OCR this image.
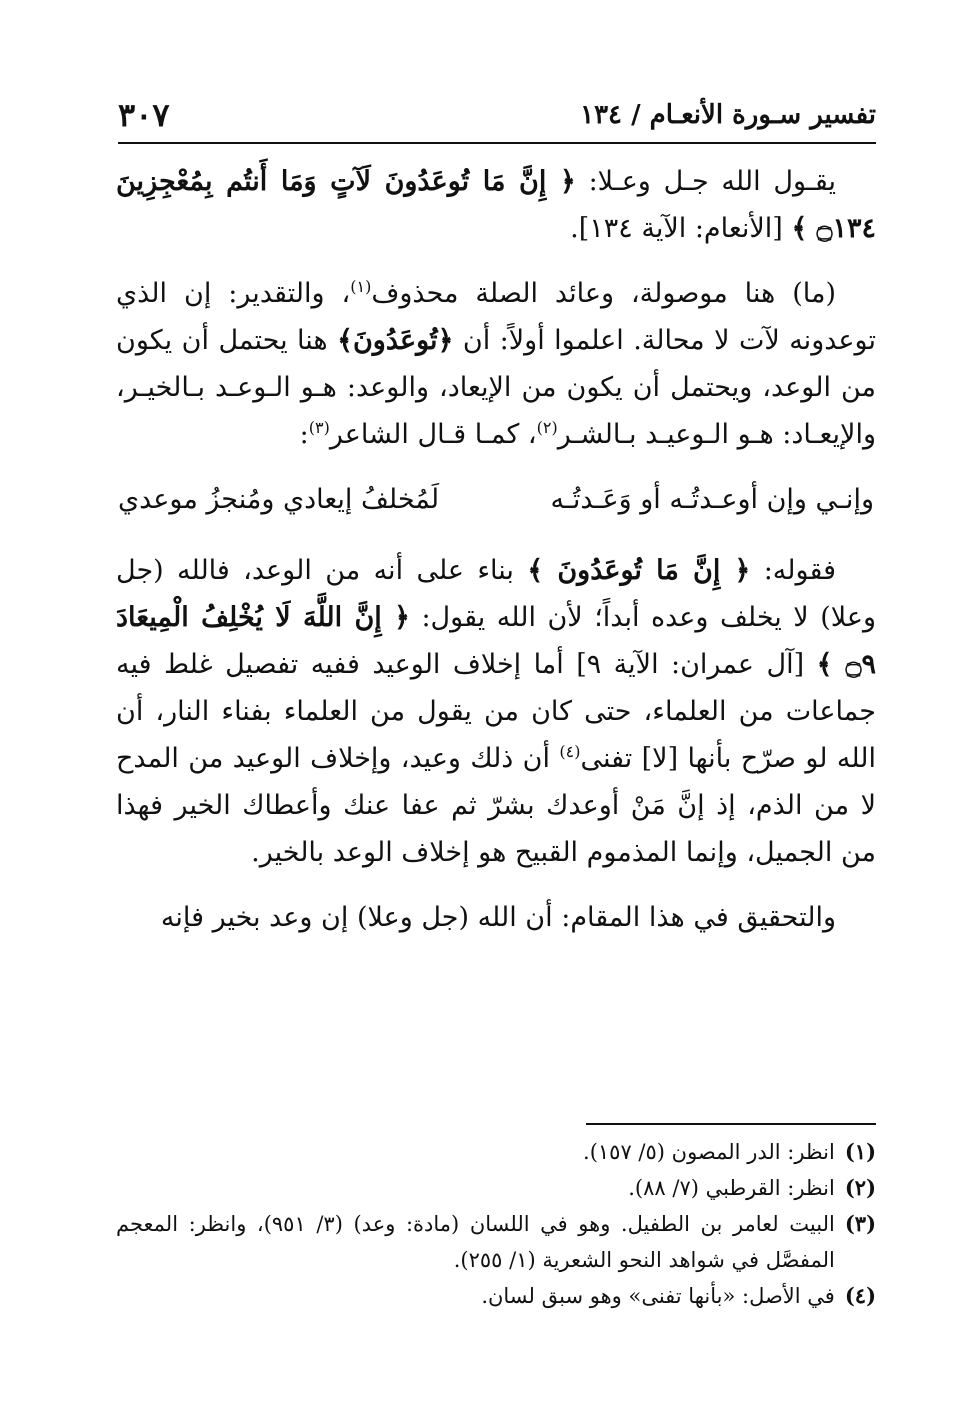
تفسير سـورة الأنعـام / ١٣٤
٣٠٧

يقـول الله جـل وعـلا: ﴿ إِنَّ مَا تُوعَدُونَ لَآتٍ وَمَا أَنتُم بِمُعْجِزِينَ ۝١٣٤ ﴾ [الأنعام: الآية ١٣٤].

(ما) هنا موصولة، وعائد الصلة محذوف$^{(١)}$، والتقدير: إن الذي توعدونه لآت لا محالة. اعلموا أولاً: أن ﴿تُوعَدُونَ﴾ هنا يحتمل أن يكون من الوعد، ويحتمل أن يكون من الإيعاد، والوعد: هـو الـوعـد بـالخيـر، والإيعـاد: هـو الـوعيـد بـالشـر$^{(٢)}$، كمـا قـال الشاعر$^{(٣)}$:

وإنـي وإن أوعـدتُـه أو وَعَـدتُـه
لَمُخلفُ إيعادي ومُنجزُ موعدي

فقوله: ﴿ إِنَّ مَا تُوعَدُونَ ﴾ بناء على أنه من الوعد، فالله (جل وعلا) لا يخلف وعده أبداً؛ لأن الله يقول: ﴿ إِنَّ اللَّهَ لَا يُخْلِفُ الْمِيعَادَ ۝٩ ﴾ [آل عمران: الآية ٩] أما إخلاف الوعيد ففيه تفصيل غلط فيه جماعات من العلماء، حتى كان من يقول من العلماء بفناء النار، أن الله لو صرّح بأنها [لا] تفنى$^{(٤)}$ أن ذلك وعيد، وإخلاف الوعيد من المدح لا من الذم، إذ إنَّ مَنْ أوعدك بشرّ ثم عفا عنك وأعطاك الخير فهذا من الجميل، وإنما المذموم القبيح هو إخلاف الوعد بالخير.

والتحقيق في هذا المقام: أن الله (جل وعلا) إن وعد بخير فإنه

(١)
انظر: الدر المصون (٥/ ١٥٧).
(٢)
انظر: القرطبي (٧/ ٨٨).
(٣)
البيت لعامر بن الطفيل. وهو في اللسان (مادة: وعد) (٣/ ٩٥١)، وانظر: المعجم المفصَّل في شواهد النحو الشعرية (١/ ٢٥٥).
(٤)
في الأصل: «بأنها تفنى» وهو سبق لسان.
